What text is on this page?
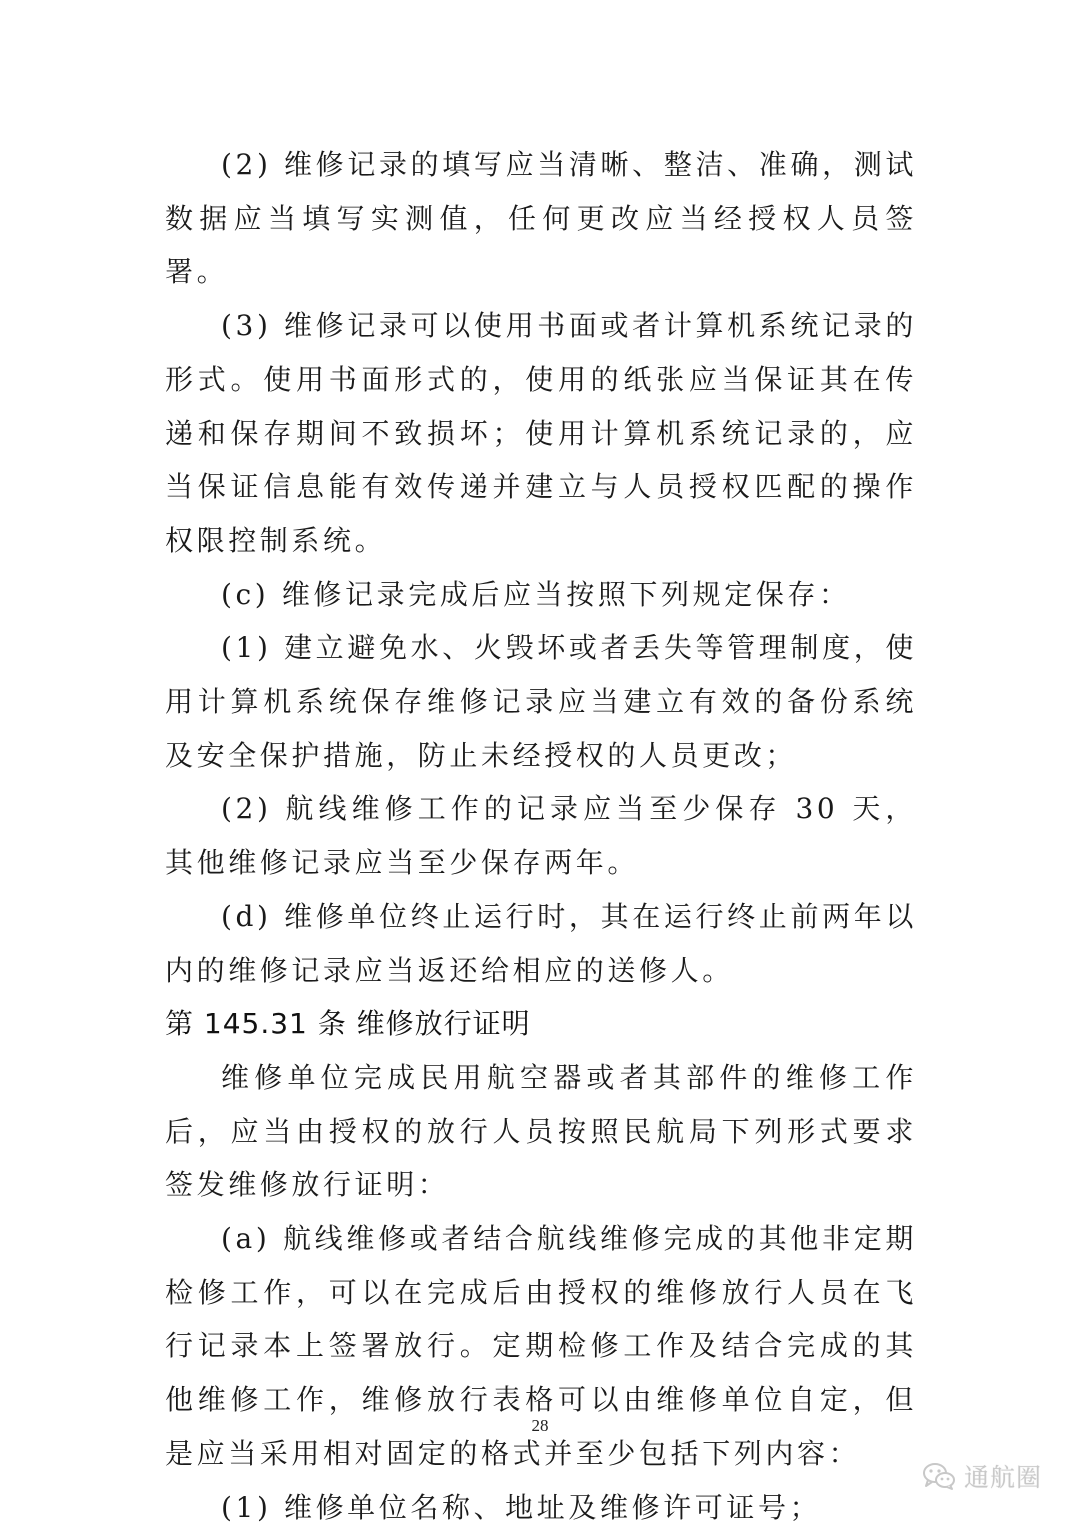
(2) 维修记录的填写应当清晰、整洁、准确，测试数据应当填写实测值，任何更改应当经授权人员签署。

(3) 维修记录可以使用书面或者计算机系统记录的形式。使用书面形式的，使用的纸张应当保证其在传递和保存期间不致损坏；使用计算机系统记录的，应当保证信息能有效传递并建立与人员授权匹配的操作权限控制系统。

(c) 维修记录完成后应当按照下列规定保存：

(1) 建立避免水、火毁坏或者丢失等管理制度，使用计算机系统保存维修记录应当建立有效的备份系统及安全保护措施，防止未经授权的人员更改；

(2) 航线维修工作的记录应当至少保存 30 天，其他维修记录应当至少保存两年。

(d) 维修单位终止运行时，其在运行终止前两年以内的维修记录应当返还给相应的送修人。

第 145.31 条 维修放行证明

维修单位完成民用航空器或者其部件的维修工作后，应当由授权的放行人员按照民航局下列形式要求签发维修放行证明：

(a) 航线维修或者结合航线维修完成的其他非定期检修工作，可以在完成后由授权的维修放行人员在飞行记录本上签署放行。定期检修工作及结合完成的其他维修工作，维修放行表格可以由维修单位自定，但是应当采用相对固定的格式并至少包括下列内容：

(1) 维修单位名称、地址及维修许可证号；

28
通航圈
